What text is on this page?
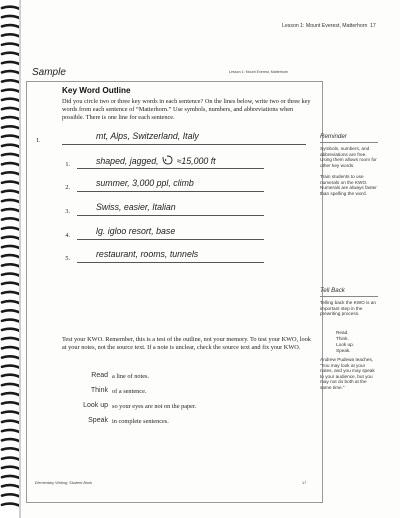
Lesson 1: Mount Everest, Matterhorn 17
Sample	Lesson 1: Mount Everest, Matterhorn
Key Word Outline
Did you circle two or three key words in each sentence? On the lines below, write two or three key words from each sentence of “Matterhorn.” Use symbols, numbers, and abbreviations when possible. There is one line for each sentence.
I.	mt, Alps, Switzerland, Italy
1.	shaped, jagged, ≈15,000 ft
2.	summer, 3,000 ppl, climb
3.	Swiss, easier, Italian
4.	lg. igloo resort, base
5.	restaurant, rooms, tunnels
Test your KWO. Remember, this is a test of the outline, not your memory. To test your KWO, look at your notes, not the source text. If a note is unclear, check the source text and fix your KWO.
Read a line of notes.
Think of a sentence.
Look up so your eyes are not on the paper.
Speak in complete sentences.
Elementary Writing: Student Book	17
Reminder
Symbols, numbers, and abbreviations are free. Using them allows room for other key words.
Train students to use numerals on the KWO. Numerals are always faster than spelling the word.
Tell Back
Telling back the KWO is an important step in the prewriting process.
Read.
Think.
Look up.
Speak.
Andrew Pudewa teaches, “You may look at your notes, and you may speak to your audience, but you may not do both at the same time.”
